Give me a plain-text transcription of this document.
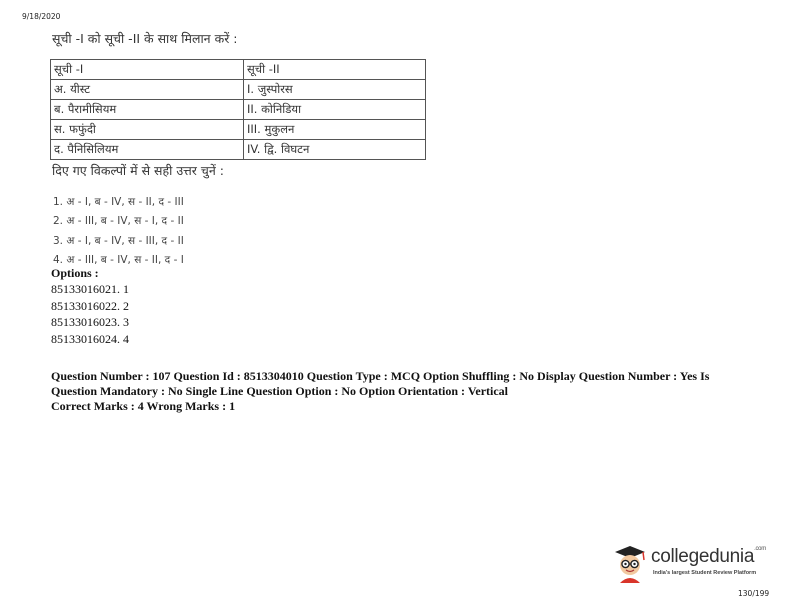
9/18/2020
सूची -I को सूची -II के साथ मिलान करें :
सूची -I	सूची -II
अ. यीस्ट	I. जुस्पोरस
ब. पैरामीसियम	II. कोनिडिया
स. फफुंदी	III. मुकुलन
द. पैनिसिलियम	IV. द्वि. विघटन
दिए गए विकल्पों में से सही उत्तर चुनें :
1. अ - I, ब - IV, स - II, द - III
2. अ - III, ब - IV, स - I, द - II
3. अ - I, ब - IV, स - III, द - II
4. अ - III, ब - IV, स - II, द - I
Options :
85133016021. 1
85133016022. 2
85133016023. 3
85133016024. 4
Question Number : 107 Question Id : 8513304010 Question Type : MCQ Option Shuffling : No Display Question Number : Yes Is
Question Mandatory : No Single Line Question Option : No Option Orientation : Vertical
Correct Marks : 4 Wrong Marks : 1
collegedunia$^{.com}$
India's largest Student Review Platform
130/199
